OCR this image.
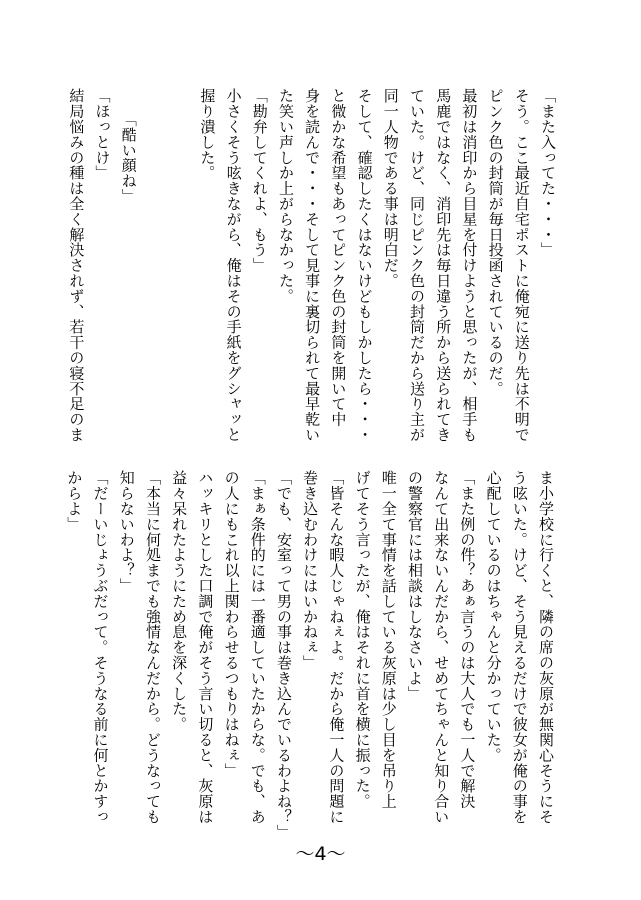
「また入ってた・・・」

そう。ここ最近自宅ポストに俺宛に送り先は不明で

ピンク色の封筒が毎日投函されているのだ。

最初は消印から目星を付けようと思ったが、相手も

馬鹿ではなく、消印先は毎日違う所から送られてき

ていた。けど、同じピンク色の封筒だから送り主が

同一人物である事は明白だ。

そして、確認したくはないけどもしかしたら・・・

と微かな希望もあってピンク色の封筒を開いて中

身を読んで・・・そして見事に裏切られて最早乾い

た笑い声しか上がらなかった。

「勘弁してくれよ、もう」

小さくそう呟きながら、俺はその手紙をグシャッと

握り潰した。

　　「酷い顔ね」

「ほっとけ」

結局悩みの種は全く解決されず、若干の寝不足のま

ま小学校に行くと、隣の席の灰原が無関心そうにそ

う呟いた。けど、そう見えるだけで彼女が俺の事を

心配しているのはちゃんと分かっていた。

「また例の件？あぁ言うのは大人でも一人で解決

なんて出来ないんだから、せめてちゃんと知り合い

の警察官には相談はしなさいよ」

唯一全て事情を話している灰原は少し目を吊り上

げてそう言ったが、俺はそれに首を横に振った。

「皆そんな暇人じゃねぇよ。だから俺一人の問題に

巻き込むわけにはいかねぇ」

「でも、安室って男の事は巻き込んでいるわよね？」

「まぁ条件的には一番適していたからな。でも、あ

の人にもこれ以上関わらせるつもりはねぇ」

ハッキリとした口調で俺がそう言い切ると、灰原は

益々呆れたようにため息を深くした。

「本当に何処までも強情なんだから。どうなっても

知らないわよ？」

「だーいじょうぶだって。そうなる前に何とかすっ

からよ」

～4～
